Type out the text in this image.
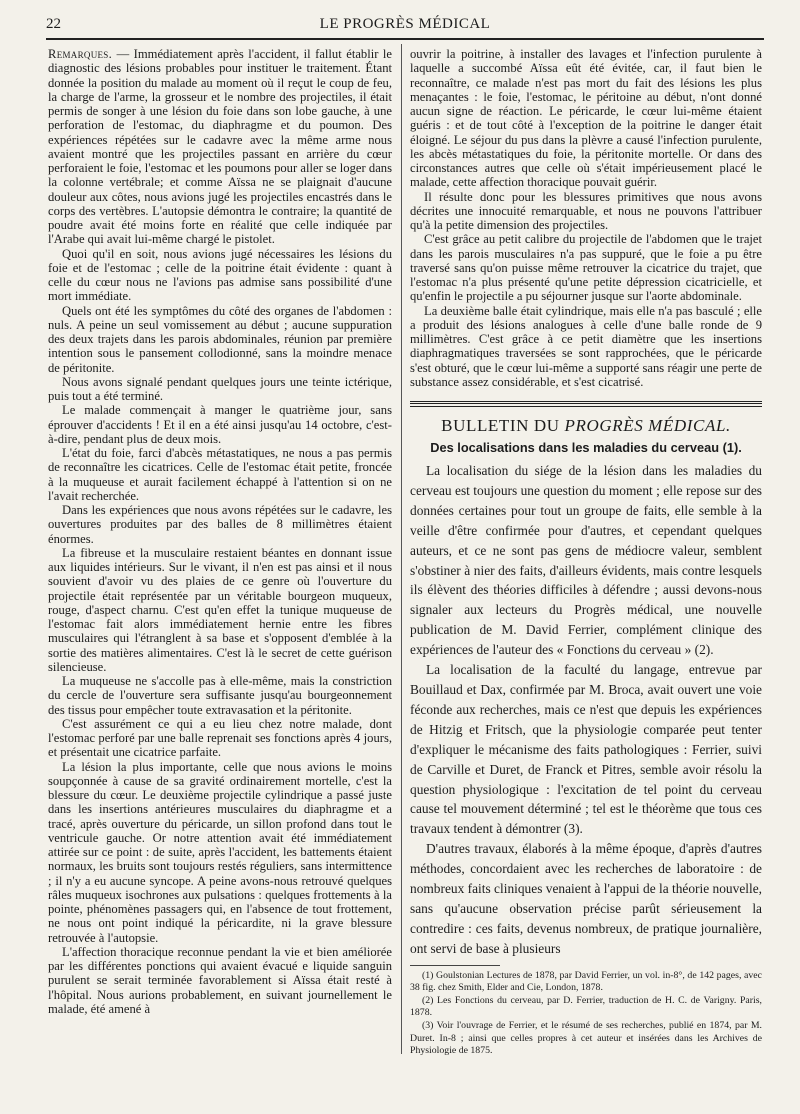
22	LE PROGRÈS MÉDICAL

Remarques. — Immédiatement après l'accident, il fallut établir le diagnostic des lésions probables pour instituer le traitement. Étant donnée la position du malade au moment où il reçut le coup de feu, la charge de l'arme, la grosseur et le nombre des projectiles, il était permis de songer à une lésion du foie dans son lobe gauche, à une perforation de l'estomac, du diaphragme et du poumon. Des expériences répétées sur le cadavre avec la même arme nous avaient montré que les projectiles passant en arrière du cœur perforaient le foie, l'estomac et les poumons pour aller se loger dans la colonne vertébrale; et comme Aïssa ne se plaignait d'aucune douleur aux côtes, nous avions jugé les projectiles encastrés dans le corps des vertèbres. L'autopsie démontra le contraire; la quantité de poudre avait été moins forte en réalité que celle indiquée par l'Arabe qui avait lui-même chargé le pistolet.

Quoi qu'il en soit, nous avions jugé nécessaires les lésions du foie et de l'estomac ; celle de la poitrine était évidente : quant à celle du cœur nous ne l'avions pas admise sans possibilité d'une mort immédiate.

Quels ont été les symptômes du côté des organes de l'abdomen : nuls. A peine un seul vomissement au début ; aucune suppuration des deux trajets dans les parois abdominales, réunion par première intention sous le pansement collodionné, sans la moindre menace de péritonite.

Nous avons signalé pendant quelques jours une teinte ictérique, puis tout a été terminé.

Le malade commençait à manger le quatrième jour, sans éprouver d'accidents ! Et il en a été ainsi jusqu'au 14 octobre, c'est-à-dire, pendant plus de deux mois.

L'état du foie, farci d'abcès métastatiques, ne nous a pas permis de reconnaître les cicatrices. Celle de l'estomac était petite, froncée à la muqueuse et aurait facilement échappé à l'attention si on ne l'avait recherchée.

Dans les expériences que nous avons répétées sur le cadavre, les ouvertures produites par des balles de 8 millimètres étaient énormes.

La fibreuse et la musculaire restaient béantes en donnant issue aux liquides intérieurs. Sur le vivant, il n'en est pas ainsi et il nous souvient d'avoir vu des plaies de ce genre où l'ouverture du projectile était représentée par un véritable bourgeon muqueux, rouge, d'aspect charnu. C'est qu'en effet la tunique muqueuse de l'estomac fait alors immédiatement hernie entre les fibres musculaires qui l'étranglent à sa base et s'opposent d'emblée à la sortie des matières alimentaires. C'est là le secret de cette guérison silencieuse.

La muqueuse ne s'accolle pas à elle-même, mais la constriction du cercle de l'ouverture sera suffisante jusqu'au bourgeonnement des tissus pour empêcher toute extravasation et la péritonite.

C'est assurément ce qui a eu lieu chez notre malade, dont l'estomac perforé par une balle reprenait ses fonctions après 4 jours, et présentait une cicatrice parfaite.

La lésion la plus importante, celle que nous avions le moins soupçonnée à cause de sa gravité ordinairement mortelle, c'est la blessure du cœur. Le deuxième projectile cylindrique a passé juste dans les insertions antérieures musculaires du diaphragme et a tracé, après ouverture du péricarde, un sillon profond dans tout le ventricule gauche. Or notre attention avait été immédiatement attirée sur ce point : de suite, après l'accident, les battements étaient normaux, les bruits sont toujours restés réguliers, sans intermittence ; il n'y a eu aucune syncope. A peine avons-nous retrouvé quelques râles muqueux isochrones aux pulsations : quelques frottements à la pointe, phénomènes passagers qui, en l'absence de tout frottement, ne nous ont point indiqué la péricardite, ni la grave blessure retrouvée à l'autopsie.

L'affection thoracique reconnue pendant la vie et bien améliorée par les différentes ponctions qui avaient évacué e liquide sanguin purulent se serait terminée favorablement si Aïssa était resté à l'hôpital. Nous aurions probablement, en suivant journellement le malade, été amené à

ouvrir la poitrine, à installer des lavages et l'infection purulente à laquelle a succombé Aïssa eût été évitée, car, il faut bien le reconnaître, ce malade n'est pas mort du fait des lésions les plus menaçantes : le foie, l'estomac, le péritoine au début, n'ont donné aucun signe de réaction. Le péricarde, le cœur lui-même étaient guéris : et de tout côté à l'exception de la poitrine le danger était éloigné. Le séjour du pus dans la plèvre a causé l'infection purulente, les abcès métastatiques du foie, la péritonite mortelle. Or dans des circonstances autres que celle où s'était impérieusement placé le malade, cette affection thoracique pouvait guérir.

Il résulte donc pour les blessures primitives que nous avons décrites une innocuité remarquable, et nous ne pouvons l'attribuer qu'à la petite dimension des projectiles.

C'est grâce au petit calibre du projectile de l'abdomen que le trajet dans les parois musculaires n'a pas suppuré, que le foie a pu être traversé sans qu'on puisse même retrouver la cicatrice du trajet, que l'estomac n'a plus présenté qu'une petite dépression cicatricielle, et qu'enfin le projectile a pu séjourner jusque sur l'aorte abdominale.

La deuxième balle était cylindrique, mais elle n'a pas basculé ; elle a produit des lésions analogues à celle d'une balle ronde de 9 millimètres. C'est grâce à ce petit diamètre que les insertions diaphragmatiques traversées se sont rapprochées, que le péricarde s'est obturé, que le cœur lui-même a supporté sans réagir une perte de substance assez considérable, et s'est cicatrisé.

BULLETIN DU PROGRÈS MÉDICAL.
Des localisations dans les maladies du cerveau (1).

La localisation du siége de la lésion dans les maladies du cerveau est toujours une question du moment ; elle repose sur des données certaines pour tout un groupe de faits, elle semble à la veille d'être confirmée pour d'autres, et cependant quelques auteurs, et ce ne sont pas gens de médiocre valeur, semblent s'obstiner à nier des faits, d'ailleurs évidents, mais contre lesquels ils élèvent des théories difficiles à défendre ; aussi devons-nous signaler aux lecteurs du Progrès médical, une nouvelle publication de M. David Ferrier, complément clinique des expériences de l'auteur des « Fonctions du cerveau » (2).

La localisation de la faculté du langage, entrevue par Bouillaud et Dax, confirmée par M. Broca, avait ouvert une voie féconde aux recherches, mais ce n'est que depuis les expériences de Hitzig et Fritsch, que la physiologie comparée peut tenter d'expliquer le mécanisme des faits pathologiques : Ferrier, suivi de Carville et Duret, de Franck et Pitres, semble avoir résolu la question physiologique : l'excitation de tel point du cerveau cause tel mouvement déterminé ; tel est le théorème que tous ces travaux tendent à démontrer (3).

D'autres travaux, élaborés à la même époque, d'après d'autres méthodes, concordaient avec les recherches de laboratoire : de nombreux faits cliniques venaient à l'appui de la théorie nouvelle, sans qu'aucune observation précise parût sérieusement la contredire : ces faits, devenus nombreux, de pratique journalière, ont servi de base à plusieurs

(1) Goulstonian Lectures de 1878, par David Ferrier, un vol. in-8°, de 142 pages, avec 38 fig. chez Smith, Elder and Cie, London, 1878.

(2) Les Fonctions du cerveau, par D. Ferrier, traduction de H. C. de Varigny. Paris, 1878.

(3) Voir l'ouvrage de Ferrier, et le résumé de ses recherches, publié en 1874, par M. Duret. In-8 ; ainsi que celles propres à cet auteur et insérées dans les Archives de Physiologie de 1875.
